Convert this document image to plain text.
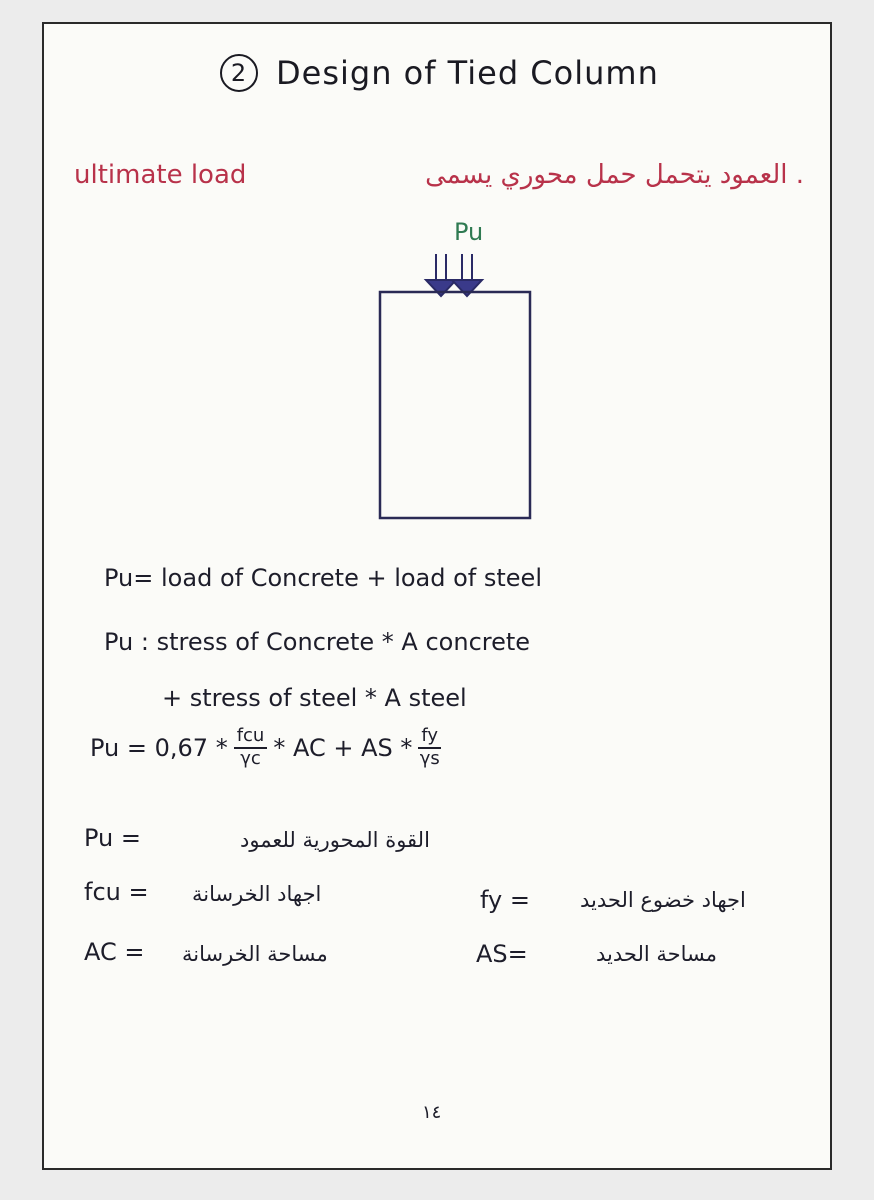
2 Design of Tied Column
ultimate load	. العمود يتحمل حمل محوري يسمى
Pu
Pu= load of Concrete + load of steel
Pu : stress of Concrete * A concrete
+ stress of steel * A steel
$Pu = 0,67 * \frac{\text{fcu}}{\gamma c}$ * AC + AS * $\frac{fy}{\gamma s}$
Pu =	القوة المحورية للعمود
fcu = اجهاد الخرسانة	fy = اجهاد خضوع الحديد
AC = مساحة الخرسانة	AS=	مساحة الحديد
١٤
